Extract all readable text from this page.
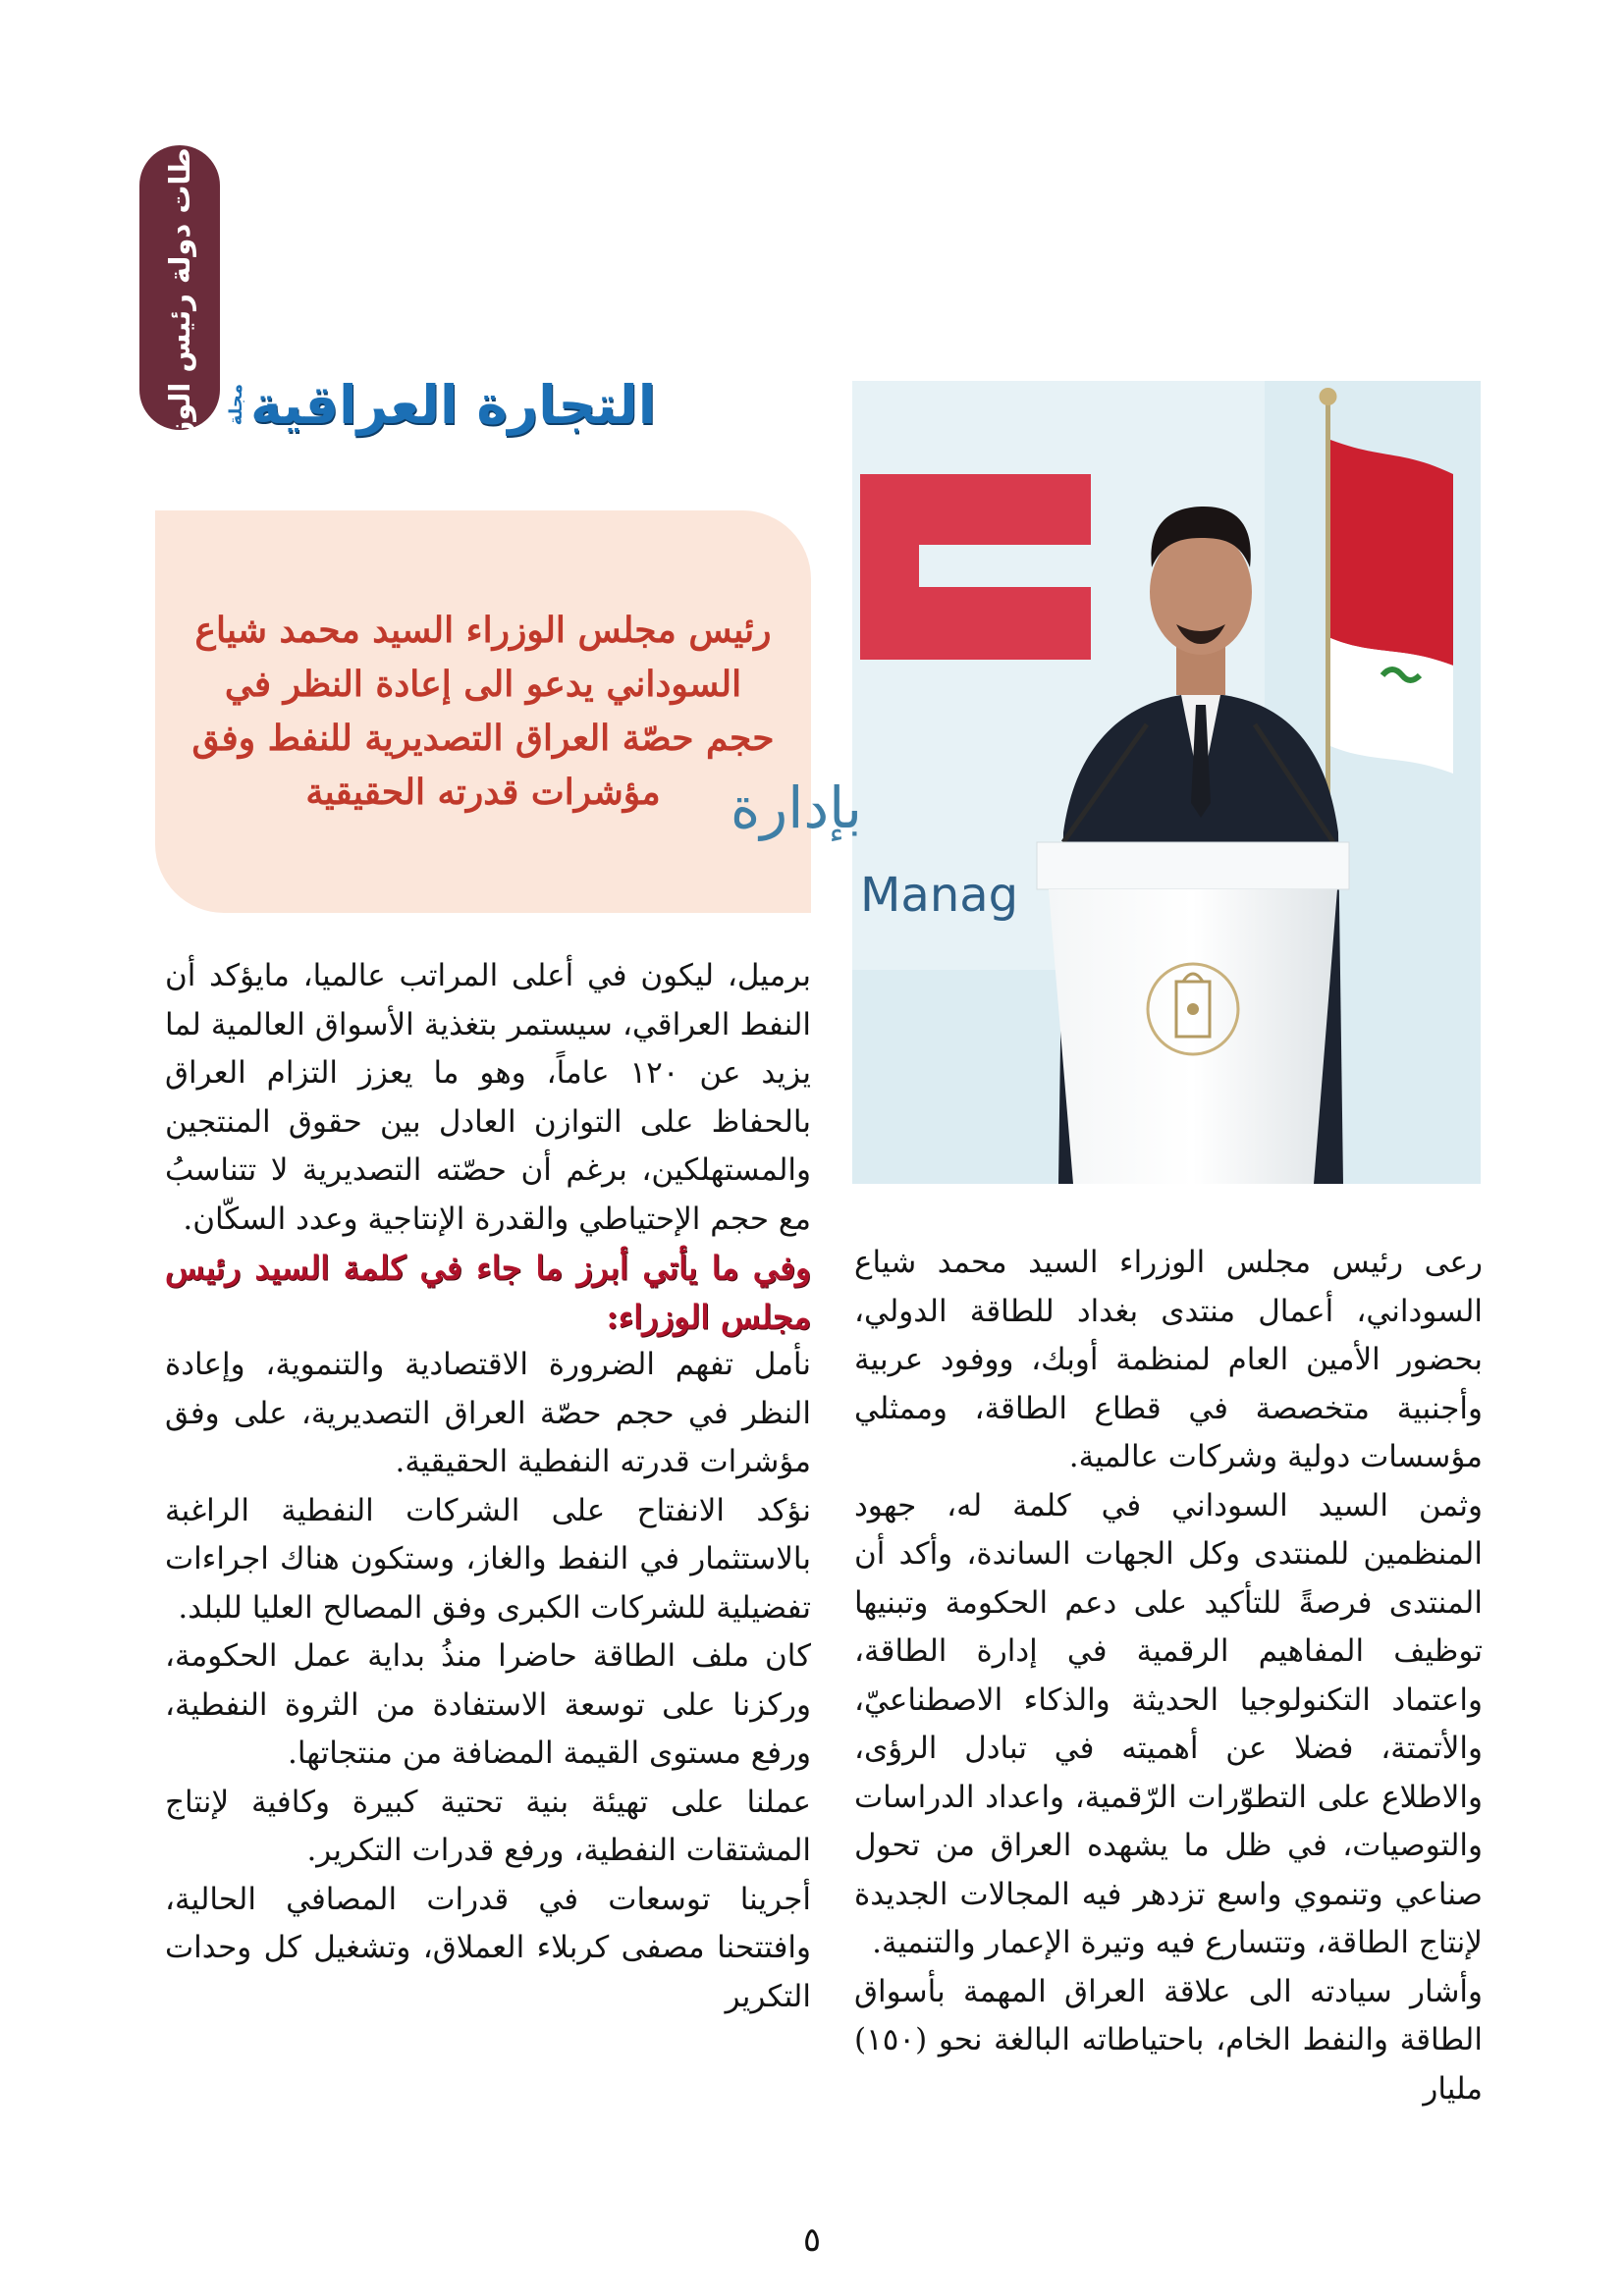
نشاطات دولة رئيس الوزراء مجلة التجارة العراقية

رئيس مجلس الوزراء السيد محمد شياع السوداني يدعو الى إعادة النظر في حجم حصّة العراق التصديرية للنفط وفق مؤشرات قدرته الحقيقية	بإدارة
Manag

رعى رئيس مجلس الوزراء السيد محمد شياع السوداني، أعمال منتدى بغداد للطاقة الدولي، بحضور الأمين العام لمنظمة أوبك، ووفود عربية وأجنبية متخصصة في قطاع الطاقة، وممثلي مؤسسات دولية وشركات عالمية.

وثمن السيد السوداني في كلمة له، جهود المنظمين للمنتدى وكل الجهات الساندة، وأكد أن المنتدى فرصةً للتأكيد على دعم الحكومة وتبنيها توظيف المفاهيم الرقمية في إدارة الطاقة، واعتماد التكنولوجيا الحديثة والذكاء الاصطناعيّ، والأتمتة، فضلا عن أهميته في تبادل الرؤى، والاطلاع على التطوّرات الرّقمية، واعداد الدراسات والتوصيات، في ظل ما يشهده العراق من تحول صناعي وتنموي واسع تزدهر فيه المجالات الجديدة لإنتاج الطاقة، وتتسارع فيه وتيرة الإعمار والتنمية.

وأشار سيادته الى علاقة العراق المهمة بأسواق الطاقة والنفط الخام، باحتياطاته البالغة نحو (١٥٠) مليار

برميل، ليكون في أعلى المراتب عالميا، مايؤكد أن النفط العراقي، سيستمر بتغذية الأسواق العالمية لما يزيد عن ١٢٠ عاماً، وهو ما يعزز التزام العراق بالحفاظ على التوازن العادل بين حقوق المنتجين والمستهلكين، برغم أن حصّته التصديرية لا تتناسبُ مع حجم الإحتياطي والقدرة الإنتاجية وعدد السكّان.

وفي ما يأتي أبرز ما جاء في كلمة السيد رئيس مجلس الوزراء:

نأمل تفهم الضرورة الاقتصادية والتنموية، وإعادة النظر في حجم حصّة العراق التصديرية، على وفق مؤشرات قدرته النفطية الحقيقية.

نؤكد الانفتاح على الشركات النفطية الراغبة بالاستثمار في النفط والغاز، وستكون هناك اجراءات تفضيلية للشركات الكبرى وفق المصالح العليا للبلد.

كان ملف الطاقة حاضرا منذُ بداية عمل الحكومة، وركزنا على توسعة الاستفادة من الثروة النفطية، ورفع مستوى القيمة المضافة من منتجاتها.

عملنا على تهيئة بنية تحتية كبيرة وكافية لإنتاج المشتقات النفطية، ورفع قدرات التكرير.

أجرينا توسعات في قدرات المصافي الحالية، وافتتحنا مصفى كربلاء العملاق، وتشغيل كل وحدات التكرير

٥
